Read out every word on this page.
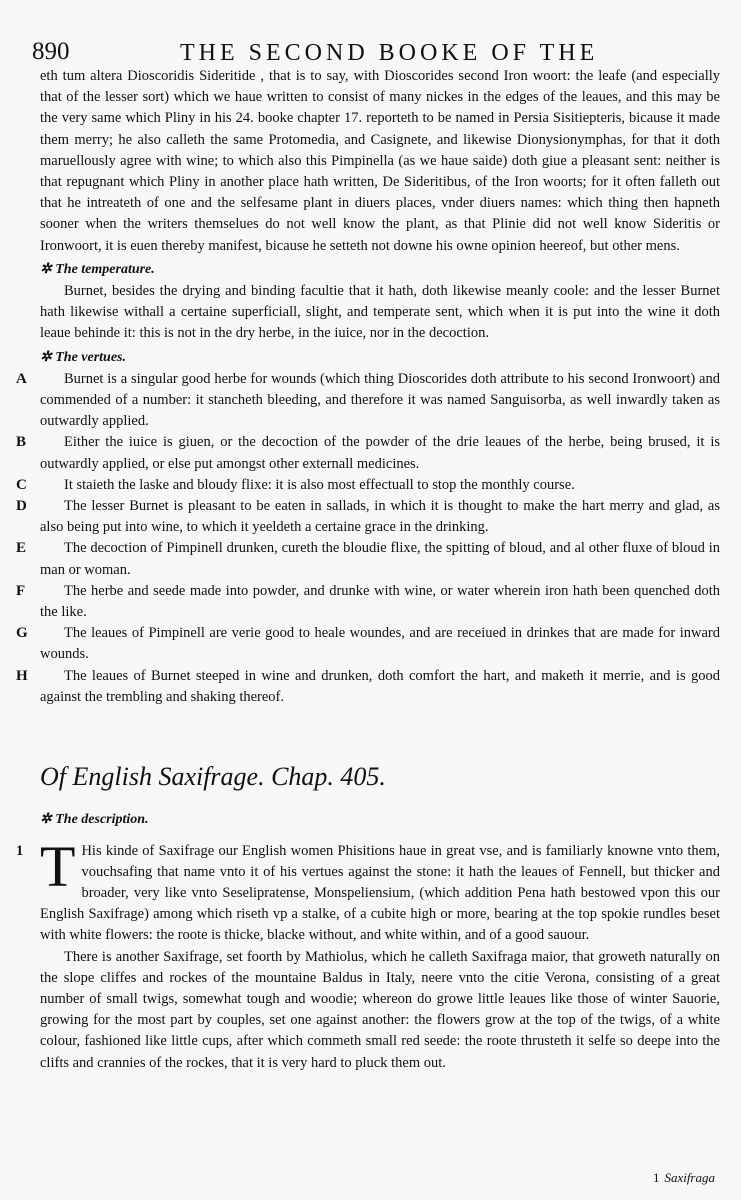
890	THE SECOND BOOKE OF THE

eth tum altera Dioscoridis Sideritide , that is to say, with Dioscorides second Iron woort: the leafe (and especially that of the lesser sort) which we haue written to consist of many nickes in the edges of the leaues, and this may be the very same which Pliny in his 24. booke chapter 17. reporteth to be named in Persia Sisitiepteris, bicause it made them merry; he also calleth the same Protomedia, and Casignete, and likewise Dionysionymphas, for that it doth maruellously agree with wine; to which also this Pimpinella (as we haue saide) doth giue a pleasant sent: neither is that repugnant which Pliny in another place hath written, De Sideritibus, of the Iron woorts; for it often falleth out that he intreateth of one and the selfesame plant in diuers places, vnder diuers names: which thing then hapneth sooner when the writers themselues do not well know the plant, as that Plinie did not well know Sideritis or Ironwoort, it is euen thereby manifest, bicause he setteth not downe his owne opinion heereof, but other mens.

✲ The temperature.

Burnet, besides the drying and binding facultie that it hath, doth likewise meanly coole: and the lesser Burnet hath likewise withall a certaine superficiall, slight, and temperate sent, which when it is put into the wine it doth leaue behinde it: this is not in the dry herbe, in the iuice, nor in the decoction.

✲ The vertues.

A	Burnet is a singular good herbe for wounds (which thing Dioscorides doth attribute to his second Ironwoort) and commended of a number: it stancheth bleeding, and therefore it was named Sanguisorba, as well inwardly taken as outwardly applied.

B	Either the iuice is giuen, or the decoction of the powder of the drie leaues of the herbe, being brused, it is outwardly applied, or else put amongst other externall medicines.

C	It staieth the laske and bloudy flixe: it is also most effectuall to stop the monthly course.

D	The lesser Burnet is pleasant to be eaten in sallads, in which it is thought to make the hart merry and glad, as also being put into wine, to which it yeeldeth a certaine grace in the drinking.

E	The decoction of Pimpinell drunken, cureth the bloudie flixe, the spitting of bloud, and al other fluxe of bloud in man or woman.

F	The herbe and seede made into powder, and drunke with wine, or water wherein iron hath been quenched doth the like.

G	The leaues of Pimpinell are verie good to heale woundes, and are receiued in drinkes that are made for inward wounds.

H	The leaues of Burnet steeped in wine and drunken, doth comfort the hart, and maketh it merrie, and is good against the trembling and shaking thereof.

Of English Saxifrage. Chap. 405.

✲ The description.

1 T His kinde of Saxifrage our English women Phisitions haue in great vse, and is familiarly knowne vnto them, vouchsafing that name vnto it of his vertues against the stone: it hath the leaues of Fennell, but thicker and broader, very like vnto Seselipratense, Monspeliensium, (which addition Pena hath bestowed vpon this our English Saxifrage) among which riseth vp a stalke, of a cubite high or more, bearing at the top spokie rundles beset with white flowers: the roote is thicke, blacke without, and white within, and of a good sauour.

There is another Saxifrage, set foorth by Mathiolus, which he calleth Saxifraga maior, that groweth naturally on the slope cliffes and rockes of the mountaine Baldus in Italy, neere vnto the citie Verona, consisting of a great number of small twigs, somewhat tough and woodie; whereon do growe little leaues like those of winter Sauorie, growing for the most part by couples, set one against another: the flowers grow at the top of the twigs, of a white colour, fashioned like little cups, after which commeth small red seede: the roote thrusteth it selfe so deepe into the clifts and crannies of the rockes, that it is very hard to pluck them out.

1 Saxifraga
